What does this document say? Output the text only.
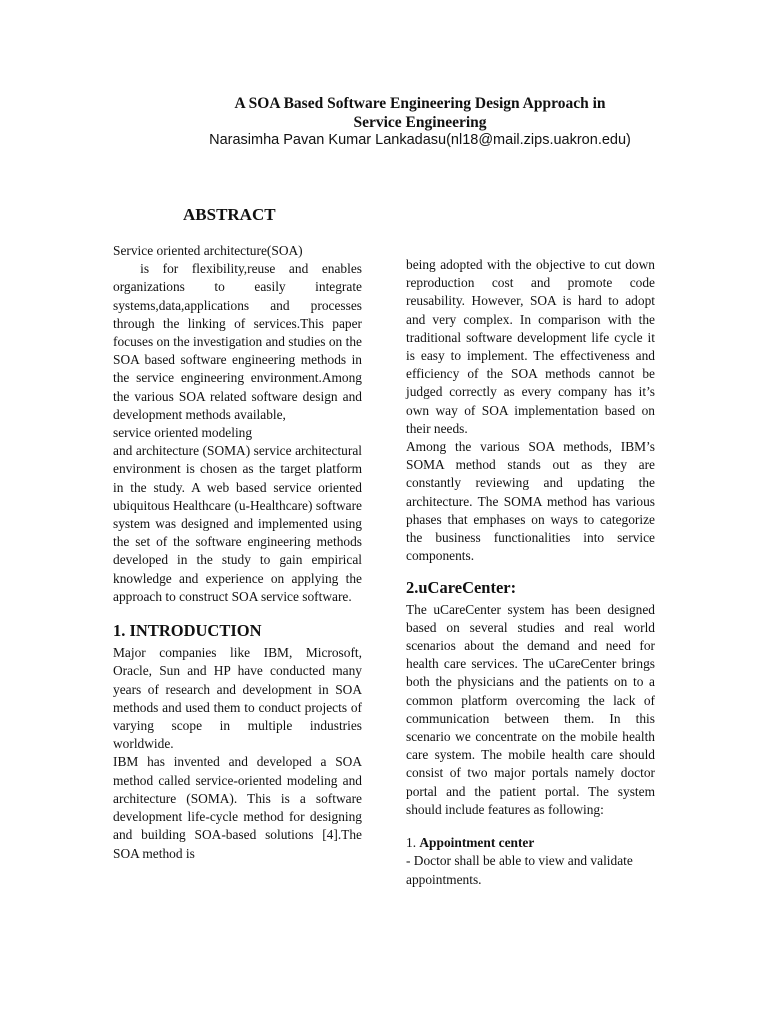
A SOA Based Software Engineering Design Approach in
Service Engineering
Narasimha Pavan Kumar Lankadasu(nl18@mail.zips.uakron.edu)
ABSTRACT

Service oriented architecture(SOA)

is for flexibility,reuse and enables organizations to easily integrate systems,data,applications and processes through the linking of services.This paper focuses on the investigation and studies on the SOA based software engineering methods in the service engineering environment.Among the various SOA related software design and development methods available,

service oriented modeling

and architecture (SOMA) service architectural environment is chosen as the target platform in the study. A web based service oriented ubiquitous Healthcare (u-Healthcare) software system was designed and implemented using the set of the software engineering methods developed in the study to gain empirical knowledge and experience on applying the approach to construct SOA service software.

1. INTRODUCTION

Major companies like IBM, Microsoft, Oracle, Sun and HP have conducted many years of research and development in SOA methods and used them to conduct projects of varying scope in multiple industries worldwide.

IBM has invented and developed a SOA method called service-oriented modeling and architecture (SOMA). This is a software development life-cycle method for designing and building SOA-based solutions [4].The SOA method is

being adopted with the objective to cut down reproduction cost and promote code reusability. However, SOA is hard to adopt and very complex. In comparison with the traditional software development life cycle it is easy to implement. The effectiveness and efficiency of the SOA methods cannot be judged correctly as every company has it’s own way of SOA implementation based on their needs.

Among the various SOA methods, IBM’s SOMA method stands out as they are constantly reviewing and updating the architecture. The SOMA method has various phases that emphases on ways to categorize the business functionalities into service components.

2.uCareCenter:

The uCareCenter system has been designed based on several studies and real world scenarios about the demand and need for health care services. The uCareCenter brings both the physicians and the patients on to a common platform overcoming the lack of communication between them. In this scenario we concentrate on the mobile health care system. The mobile health care should consist of two major portals namely doctor portal and the patient portal. The system should include features as following:

1. Appointment center

- Doctor shall be able to view and validate appointments.
